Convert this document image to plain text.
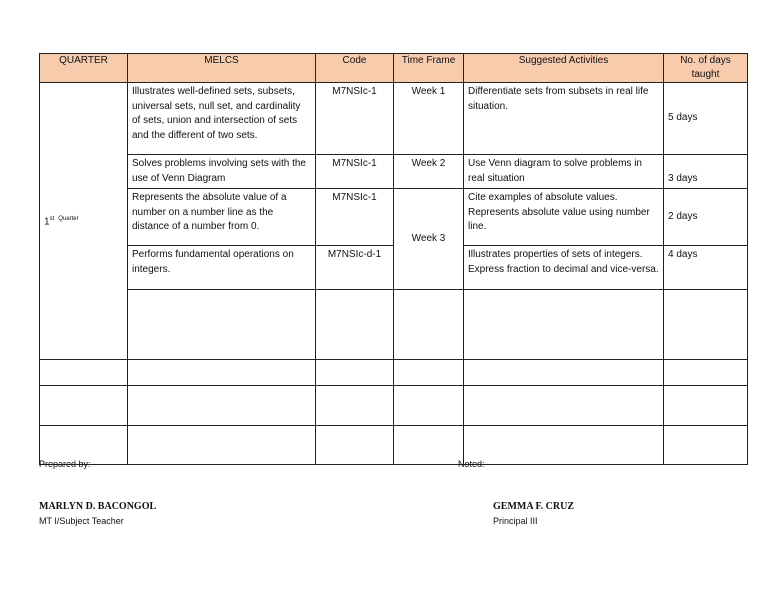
QUARTER	MELCS	Code	Time Frame	Suggested Activities	No. of days taught
1st $^{Quarter}$	Illustrates well-defined sets, subsets, universal sets, null set, and cardinality of sets, union and intersection of sets and the different of two sets.	M7NSIc-1	Week 1	Differentiate sets from subsets in real life situation.	5 days
	Solves problems involving sets with the use of Venn Diagram	M7NSIc-1	Week 2	Use Venn diagram to solve problems in real situation	3 days
	Represents the absolute value of a number on a number line as the distance of a number from 0.	M7NSIc-1	Week 3	Cite examples of absolute values. Represents absolute value using number line.	2 days
	Performs fundamental operations on integers.	M7NSIc-d-1		Illustrates properties of sets of integers. Express fraction to decimal and vice-versa.	4 days

Prepared by:	Noted:
MARLYN D. BACONGOL
MT I/Subject Teacher
GEMMA F. CRUZ
Principal III
